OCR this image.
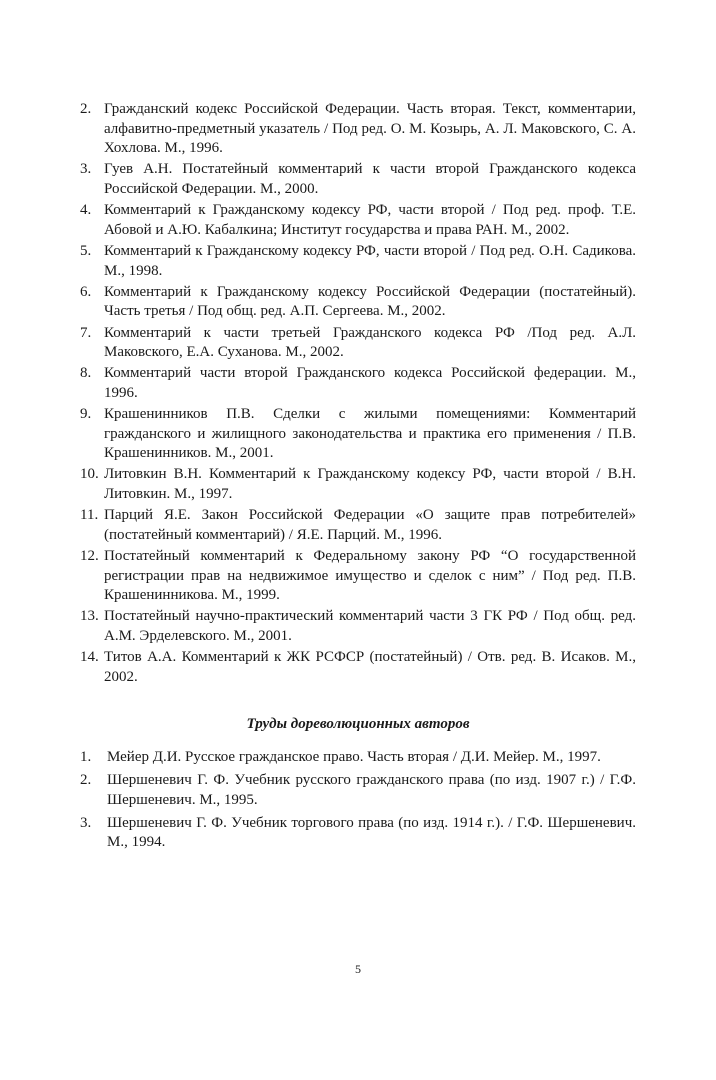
2. Гражданский кодекс Российской Федерации. Часть вторая. Текст, комментарии, алфавитно-предметный указатель / Под ред. О. М. Козырь, А. Л. Маковского, С. А. Хохлова. М., 1996.
3. Гуев А.Н. Постатейный комментарий к части второй Гражданского кодекса Российской Федерации. М., 2000.
4. Комментарий к Гражданскому кодексу РФ, части второй / Под ред. проф. Т.Е. Абовой и А.Ю. Кабалкина; Институт государства и права РАН. М., 2002.
5. Комментарий к Гражданскому кодексу РФ, части второй / Под ред. О.Н. Садикова. М., 1998.
6. Комментарий к Гражданскому кодексу Российской Федерации (постатейный). Часть третья / Под общ. ред. А.П. Сергеева. М., 2002.
7. Комментарий к части третьей Гражданского кодекса РФ /Под ред. А.Л. Маковского, Е.А. Суханова. М., 2002.
8. Комментарий части второй Гражданского кодекса Российской федерации. М., 1996.
9. Крашенинников П.В. Сделки с жилыми помещениями: Комментарий гражданского и жилищного законодательства и практика его применения / П.В. Крашенинников. М., 2001.
10. Литовкин В.Н. Комментарий к Гражданскому кодексу РФ, части второй / В.Н. Литовкин. М., 1997.
11. Парций Я.Е. Закон Российской Федерации «О защите прав потребителей» (постатейный комментарий) / Я.Е. Парций. М., 1996.
12. Постатейный комментарий к Федеральному закону РФ “О государственной регистрации прав на недвижимое имущество и сделок с ним” / Под ред. П.В. Крашенинникова. М., 1999.
13. Постатейный научно-практический комментарий части 3 ГК РФ / Под общ. ред. А.М. Эрделевского. М., 2001.
14. Титов А.А. Комментарий к ЖК РСФСР (постатейный) / Отв. ред. В. Исаков. М., 2002.
Труды дореволюционных авторов
1. Мейер Д.И. Русское гражданское право. Часть вторая / Д.И. Мейер. М., 1997.
2. Шершеневич Г. Ф. Учебник русского гражданского права (по изд. 1907 г.) / Г.Ф. Шершеневич. М., 1995.
3. Шершеневич Г. Ф. Учебник торгового права (по изд. 1914 г.). / Г.Ф. Шершеневич. М., 1994.
5
